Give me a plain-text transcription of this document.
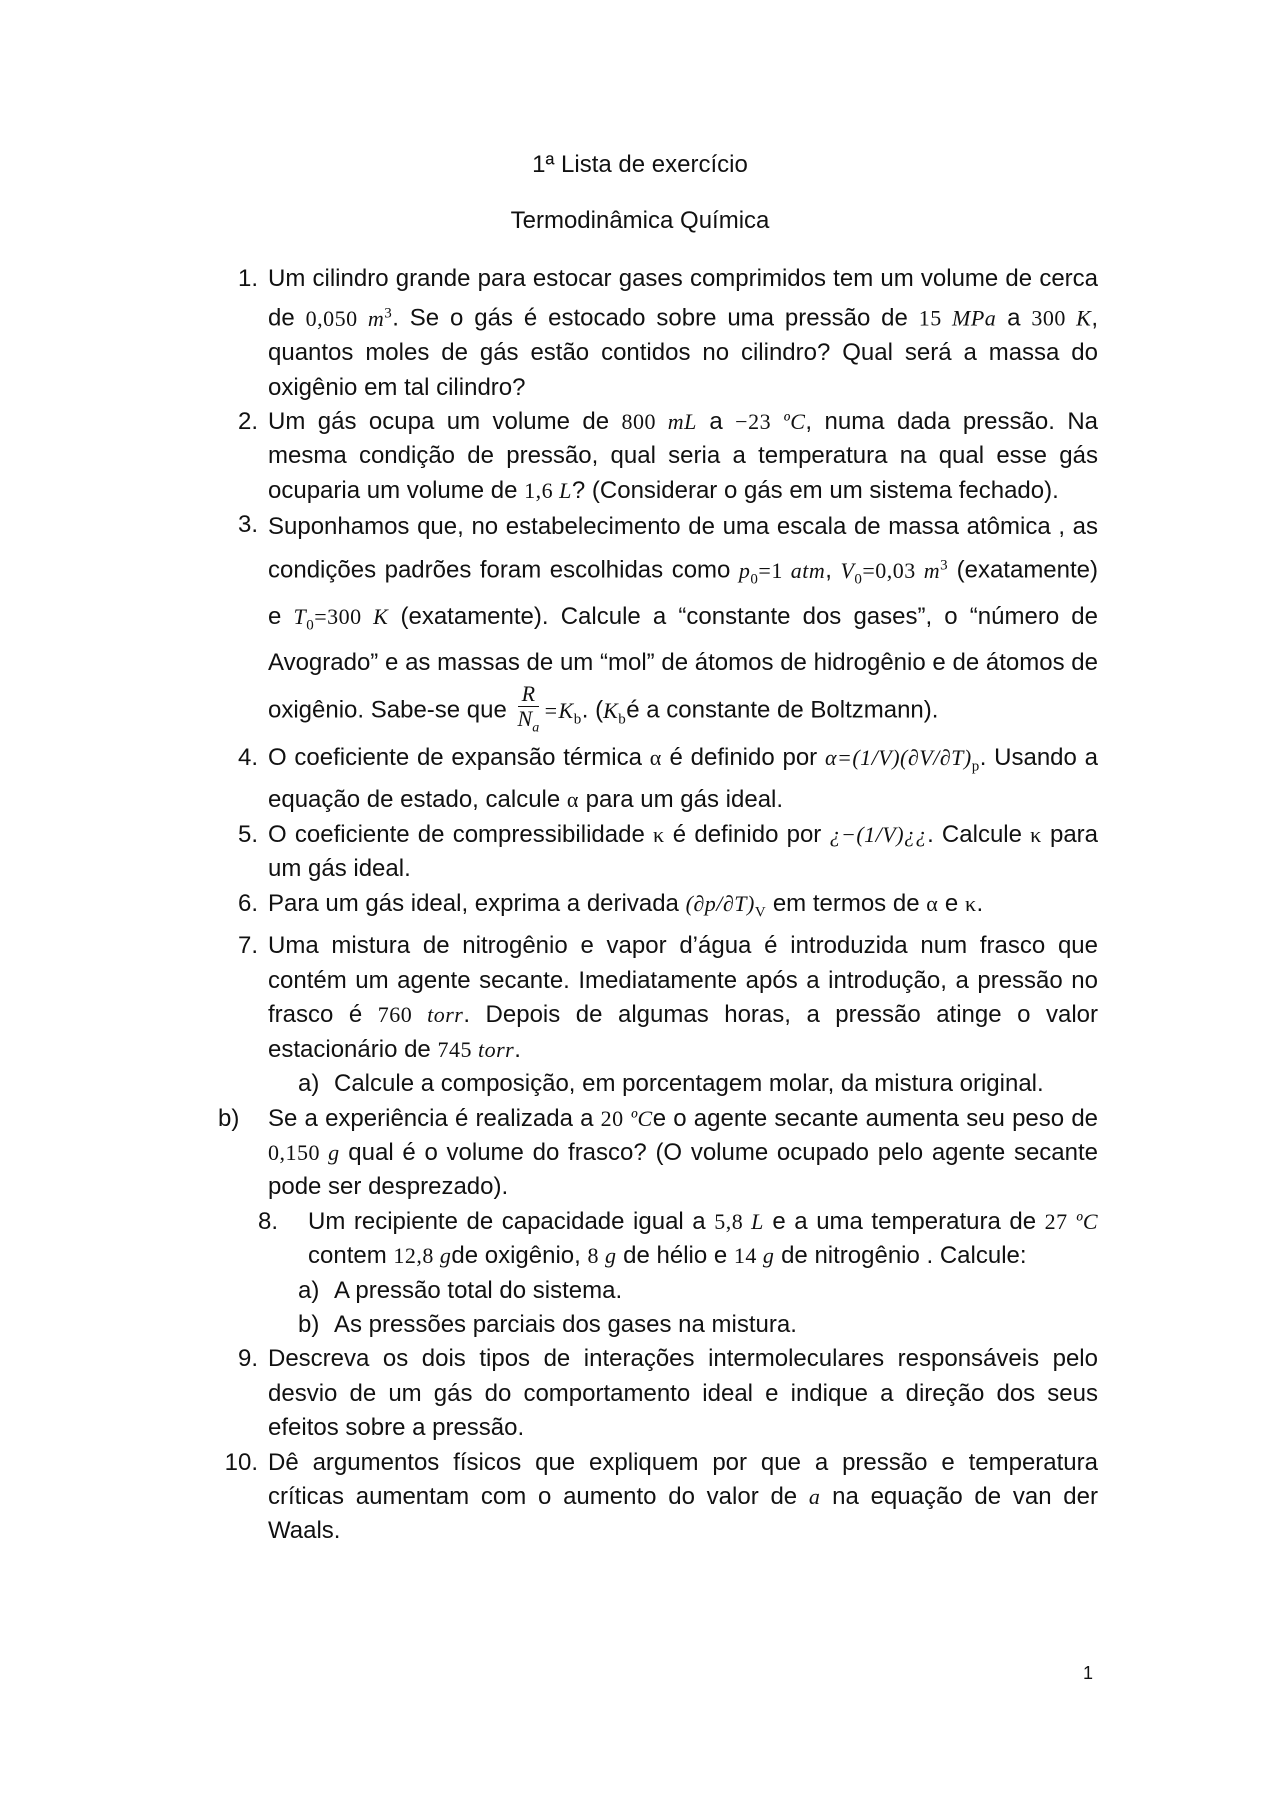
1ª Lista de exercício
Termodinâmica Química
1. Um cilindro grande para estocar gases comprimidos tem um volume de cerca de 0,050 $m^3$. Se o gás é estocado sobre uma pressão de 15 MPa a 300 K, quantos moles de gás estão contidos no cilindro? Qual será a massa do oxigênio em tal cilindro?
2. Um gás ocupa um volume de 800 mL a −23 ºC, numa dada pressão. Na mesma condição de pressão, qual seria a temperatura na qual esse gás ocuparia um volume de 1,6 L? (Considerar o gás em um sistema fechado).
3. Suponhamos que, no estabelecimento de uma escala de massa atômica , as condições padrões foram escolhidas como $p_0=1$ atm, $V_0=0,03$ $m^3$ (exatamente) e $T_0=300$ K (exatamente). Calcule a “constante dos gases”, o “número de Avogrado” e as massas de um “mol” de átomos de hidrogênio e de átomos de oxigênio. Sabe-se que $\frac{R}{N_a} =K_b$. ($K_bé$ a constante de Boltzmann).
4. O coeficiente de expansão térmica α é definido por $\alpha=(1/V)(\partial V/\partial T)_p$. Usando a equação de estado, calcule α para um gás ideal.
5. O coeficiente de compressibilidade κ é definido por ¿−(1/V)¿¿. Calcule κ para um gás ideal.
6. Para um gás ideal, exprima a derivada $(\partial p/\partial T)_V$ em termos de α e κ.
7. Uma mistura de nitrogênio e vapor d’água é introduzida num frasco que contém um agente secante. Imediatamente após a introdução, a pressão no frasco é 760 torr. Depois de algumas horas, a pressão atinge o valor estacionário de 745 torr.
a) Calcule a composição, em porcentagem molar, da mistura original.
b)	Se a experiência é realizada a 20 ºCe o agente secante aumenta seu peso de 0,150 g qual é o volume do frasco? (O volume ocupado pelo agente secante pode ser desprezado).
8.	Um recipiente de capacidade igual a 5,8 L e a uma temperatura de 27 ºC contem 12,8 gde oxigênio, 8 g de hélio e 14 g de nitrogênio . Calcule:
a) A pressão total do sistema.
b) As pressões parciais dos gases na mistura.
9. Descreva os dois tipos de interações intermoleculares responsáveis pelo desvio de um gás do comportamento ideal e indique a direção dos seus efeitos sobre a pressão.
10. Dê argumentos físicos que expliquem por que a pressão e temperatura críticas aumentam com o aumento do valor de a na equação de van der Waals.
1
